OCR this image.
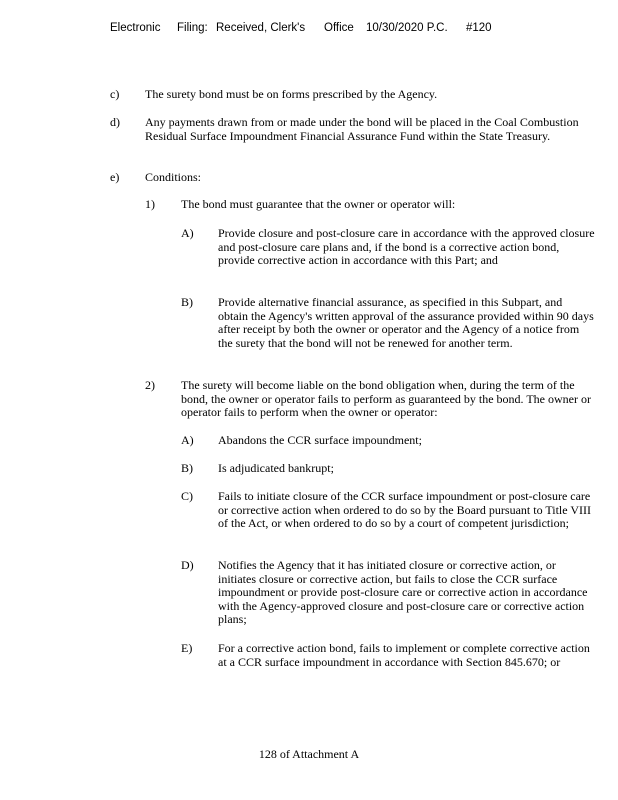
Electronic Filing: Received, Clerk's Office 10/30/2020 P.C. #120
c) The surety bond must be on forms prescribed by the Agency.
d) Any payments drawn from or made under the bond will be placed in the Coal Combustion Residual Surface Impoundment Financial Assurance Fund within the State Treasury.
e) Conditions:
1) The bond must guarantee that the owner or operator will:
A) Provide closure and post-closure care in accordance with the approved closure and post-closure care plans and, if the bond is a corrective action bond, provide corrective action in accordance with this Part; and
B) Provide alternative financial assurance, as specified in this Subpart, and obtain the Agency's written approval of the assurance provided within 90 days after receipt by both the owner or operator and the Agency of a notice from the surety that the bond will not be renewed for another term.
2) The surety will become liable on the bond obligation when, during the term of the bond, the owner or operator fails to perform as guaranteed by the bond. The owner or operator fails to perform when the owner or operator:
A) Abandons the CCR surface impoundment;
B) Is adjudicated bankrupt;
C) Fails to initiate closure of the CCR surface impoundment or post-closure care or corrective action when ordered to do so by the Board pursuant to Title VIII of the Act, or when ordered to do so by a court of competent jurisdiction;
D) Notifies the Agency that it has initiated closure or corrective action, or initiates closure or corrective action, but fails to close the CCR surface impoundment or provide post-closure care or corrective action in accordance with the Agency-approved closure and post-closure care or corrective action plans;
E) For a corrective action bond, fails to implement or complete corrective action at a CCR surface impoundment in accordance with Section 845.670; or
128 of Attachment A
